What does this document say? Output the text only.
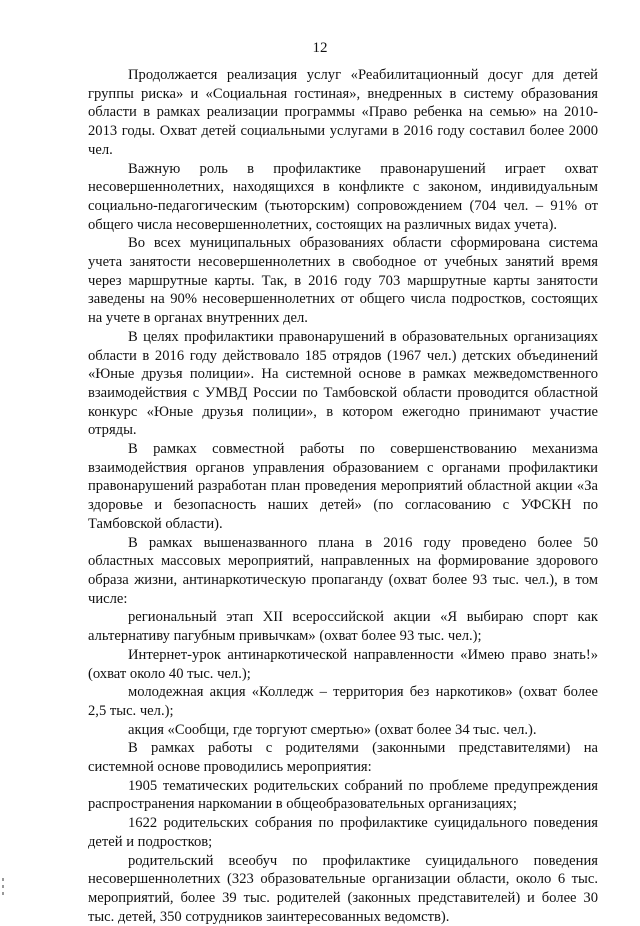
12

Продолжается реализация услуг «Реабилитационный досуг для детей группы риска» и «Социальная гостиная», внедренных в систему образования области в рамках реализации программы «Право ребенка на семью» на 2010-2013 годы. Охват детей социальными услугами в 2016 году составил более 2000 чел.

Важную роль в профилактике правонарушений играет охват несовершеннолетних, находящихся в конфликте с законом, индивидуальным социально-педагогическим (тьюторским) сопровождением (704 чел. – 91% от общего числа несовершеннолетних, состоящих на различных видах учета).

Во всех муниципальных образованиях области сформирована система учета занятости несовершеннолетних в свободное от учебных занятий время через маршрутные карты. Так, в 2016 году 703 маршрутные карты занятости заведены на 90% несовершеннолетних от общего числа подростков, состоящих на учете в органах внутренних дел.

В целях профилактики правонарушений в образовательных организациях области в 2016 году действовало 185 отрядов (1967 чел.) детских объединений «Юные друзья полиции». На системной основе в рамках межведомственного взаимодействия с УМВД России по Тамбовской области проводится областной конкурс «Юные друзья полиции», в котором ежегодно принимают участие отряды.

В рамках совместной работы по совершенствованию механизма взаимодействия органов управления образованием с органами профилактики правонарушений разработан план проведения мероприятий областной акции «За здоровье и безопасность наших детей» (по согласованию с УФСКН по Тамбовской области).

В рамках вышеназванного плана в 2016 году проведено более 50 областных массовых мероприятий, направленных на формирование здорового образа жизни, антинаркотическую пропаганду (охват более 93 тыс. чел.), в том числе:

региональный этап XII всероссийской акции «Я выбираю спорт как альтернативу пагубным привычкам» (охват более 93 тыс. чел.);

Интернет-урок антинаркотической направленности «Имею право знать!» (охват около 40 тыс. чел.);

молодежная акция «Колледж – территория без наркотиков» (охват более 2,5 тыс. чел.);

акция «Сообщи, где торгуют смертью» (охват более 34 тыс. чел.).

В рамках работы с родителями (законными представителями) на системной основе проводились мероприятия:

1905 тематических родительских собраний по проблеме предупреждения распространения наркомании в общеобразовательных организациях;

1622 родительских собрания по профилактике суицидального поведения детей и подростков;

родительский всеобуч по профилактике суицидального поведения несовершеннолетних (323 образовательные организации области, около 6 тыс. мероприятий, более 39 тыс. родителей (законных представителей) и более 30 тыс. детей, 350 сотрудников заинтересованных ведомств).
